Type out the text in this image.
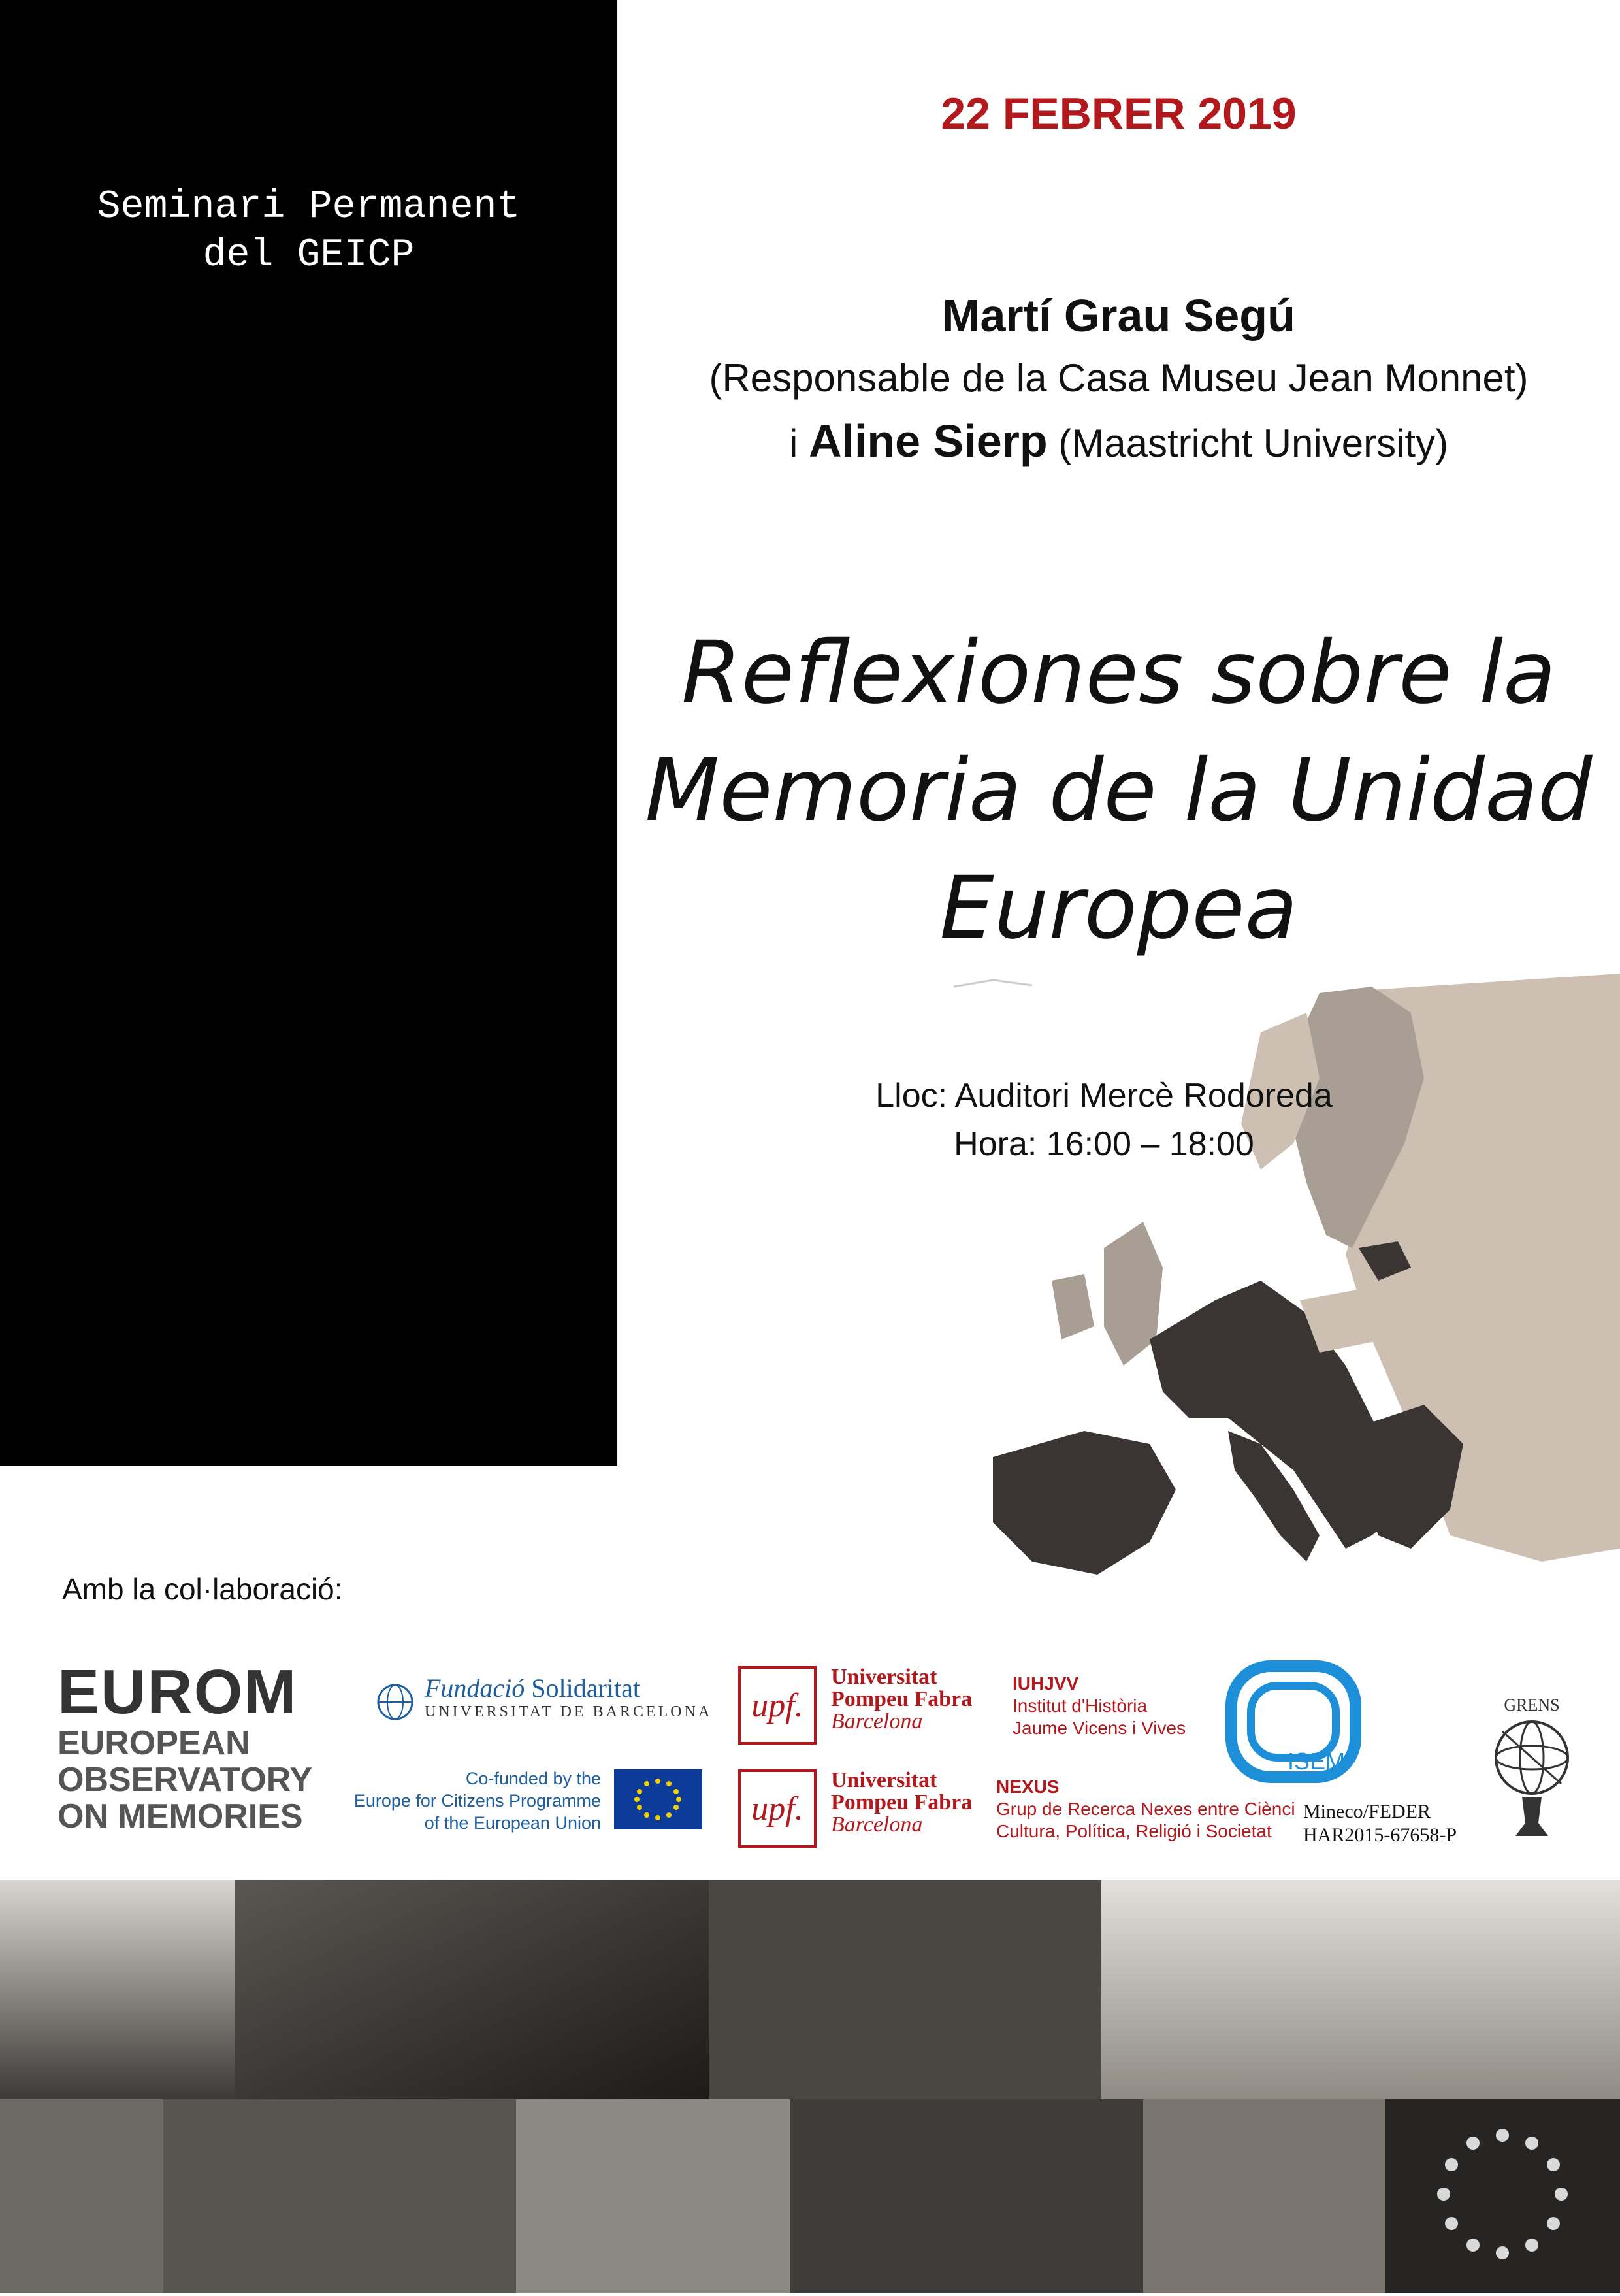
Seminari Permanent
del GEICP
22 FEBRER 2019
Martí Grau Segú
(Responsable de la Casa Museu Jean Monnet)
i Aline Sierp (Maastricht University)
Reflexiones sobre la
Memoria de la Unidad
Europea
Lloc: Auditori Mercè Rodoreda
Hora: 16:00 – 18:00
Amb la col·laboració:
EUROM
EUROPEAN
OBSERVATORY
ON MEMORIES
Fundació Solidaritat
UNIVERSITAT DE BARCELONA
Co-funded by the
Europe for Citizens Programme
of the European Union
upf.
Universitat
Pompeu Fabra
Barcelona
upf.
Universitat
Pompeu Fabra
Barcelona
IUHJVV
Institut d'Història
Jaume Vicens i Vives
NEXUS
Grup de Recerca Nexes entre Ciènci
Cultura, Política, Religió i Societat
ISEM
Mineco/FEDER
HAR2015-67658-P
GRENS
